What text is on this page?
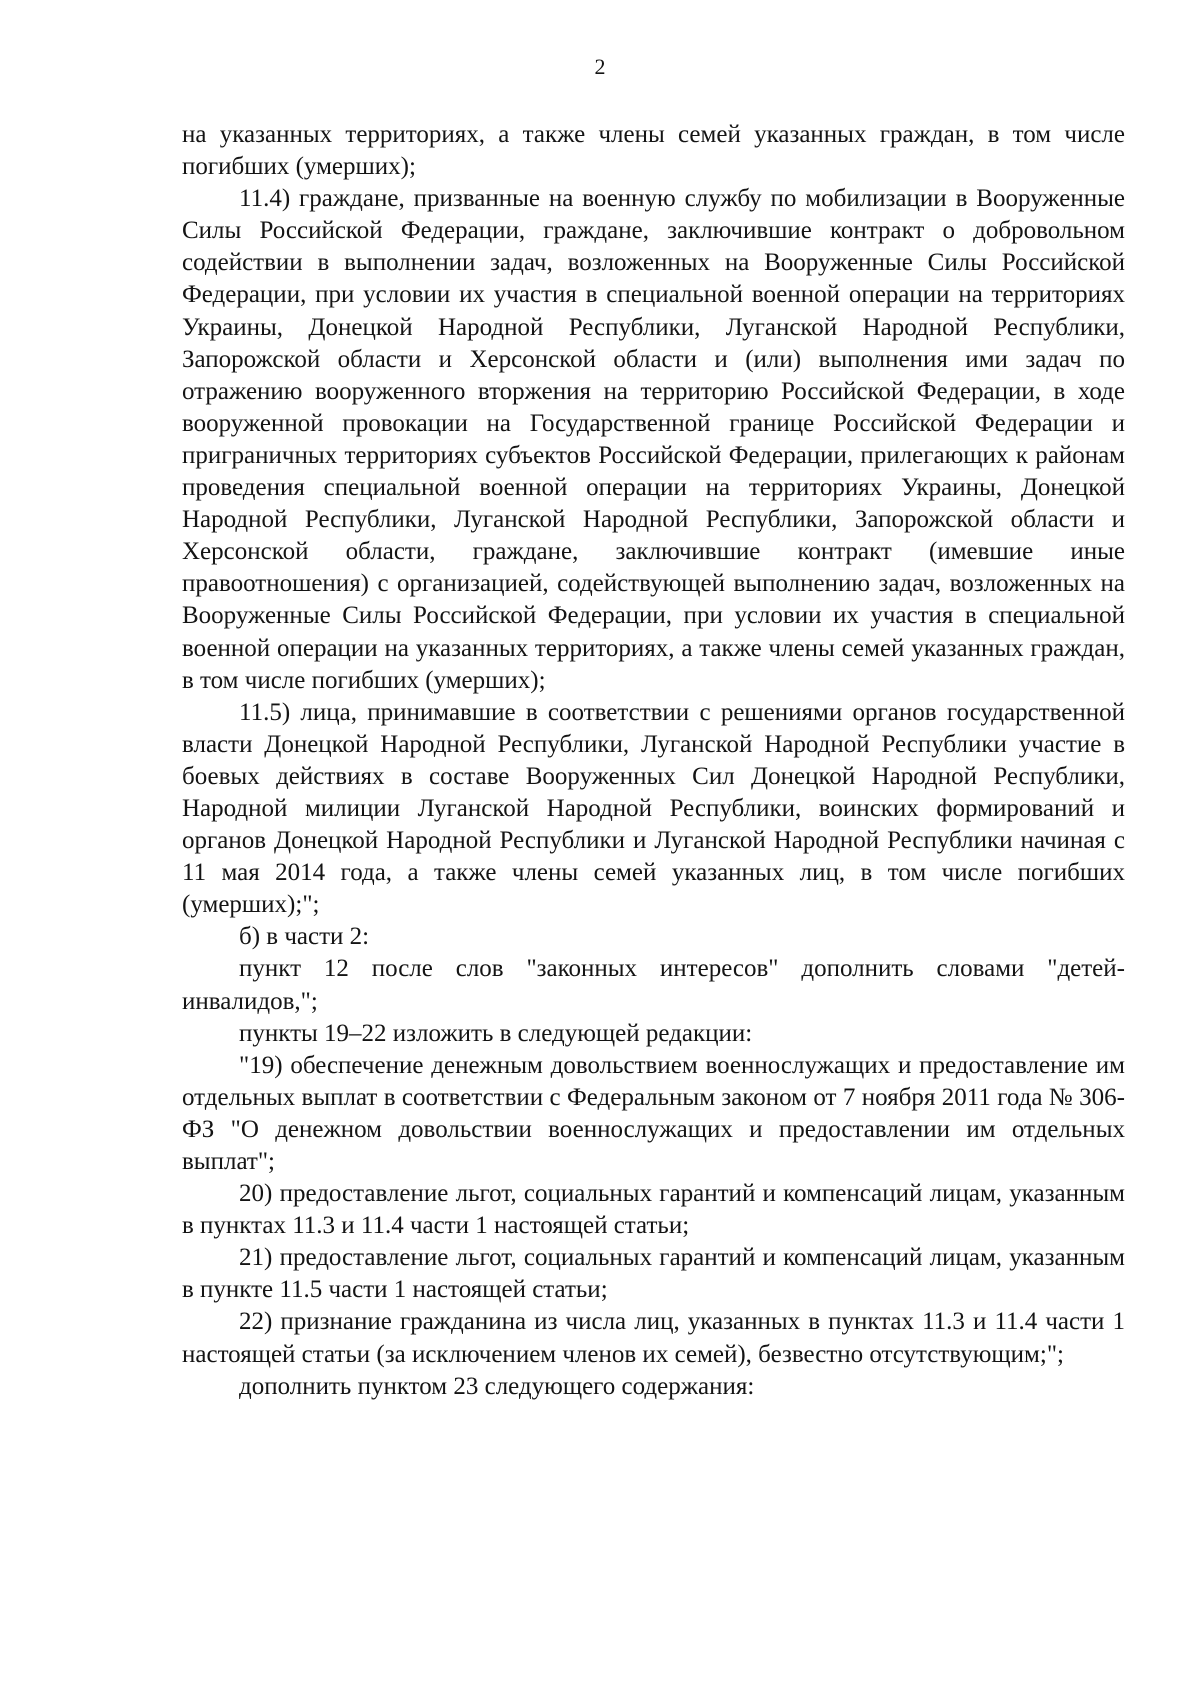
2

на указанных территориях, а также члены семей указанных граждан, в том числе погибших (умерших);

11.4) граждане, призванные на военную службу по мобилизации в Вооруженные Силы Российской Федерации, граждане, заключившие контракт о добровольном содействии в выполнении задач, возложенных на Вооруженные Силы Российской Федерации, при условии их участия в специальной военной операции на территориях Украины, Донецкой Народной Республики, Луганской Народной Республики, Запорожской области и Херсонской области и (или) выполнения ими задач по отражению вооруженного вторжения на территорию Российской Федерации, в ходе вооруженной провокации на Государственной границе Российской Федерации и приграничных территориях субъектов Российской Федерации, прилегающих к районам проведения специальной военной операции на территориях Украины, Донецкой Народной Республики, Луганской Народной Республики, Запорожской области и Херсонской области, граждане, заключившие контракт (имевшие иные правоотношения) с организацией, содействующей выполнению задач, возложенных на Вооруженные Силы Российской Федерации, при условии их участия в специальной военной операции на указанных территориях, а также члены семей указанных граждан, в том числе погибших (умерших);

11.5) лица, принимавшие в соответствии с решениями органов государственной власти Донецкой Народной Республики, Луганской Народной Республики участие в боевых действиях в составе Вооруженных Сил Донецкой Народной Республики, Народной милиции Луганской Народной Республики, воинских формирований и органов Донецкой Народной Республики и Луганской Народной Республики начиная с 11 мая 2014 года, а также члены семей указанных лиц, в том числе погибших (умерших);";

б) в части 2:

пункт 12 после слов "законных интересов" дополнить словами "детей-инвалидов,";

пункты 19–22 изложить в следующей редакции:

"19) обеспечение денежным довольствием военнослужащих и предоставление им отдельных выплат в соответствии с Федеральным законом от 7 ноября 2011 года № 306-ФЗ "О денежном довольствии военнослужащих и предоставлении им отдельных выплат";

20) предоставление льгот, социальных гарантий и компенсаций лицам, указанным в пунктах 11.3 и 11.4 части 1 настоящей статьи;

21) предоставление льгот, социальных гарантий и компенсаций лицам, указанным в пункте 11.5 части 1 настоящей статьи;

22) признание гражданина из числа лиц, указанных в пунктах 11.3 и 11.4 части 1 настоящей статьи (за исключением членов их семей), безвестно отсутствующим;";

дополнить пунктом 23 следующего содержания:
